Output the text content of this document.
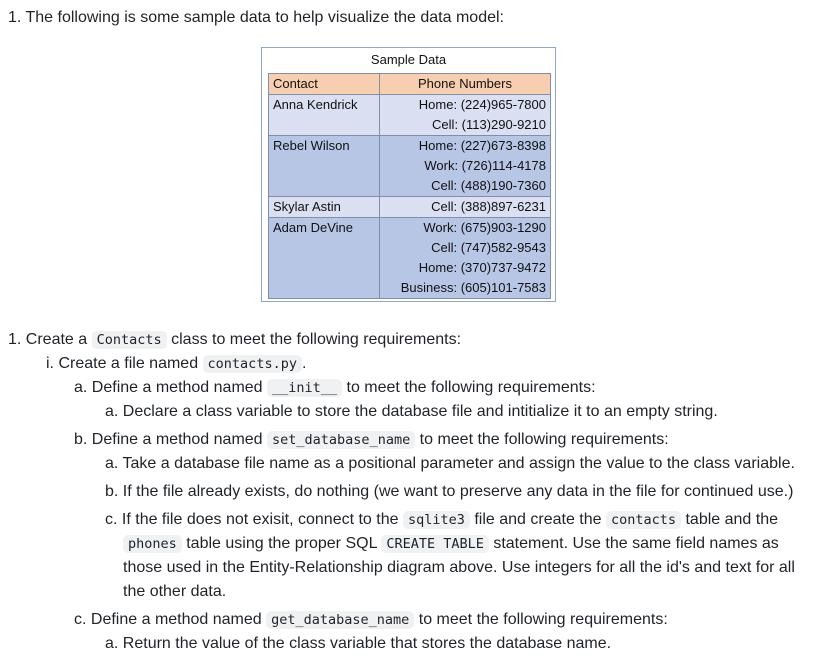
1. The following is some sample data to help visualize the data model:
Sample Data
Contact	Phone Numbers
Anna Kendrick	Home: (224)965-7800
	Cell: (113)290-9210
Rebel Wilson	Home: (227)673-8398
	Work: (726)114-4178
	Cell: (488)190-7360
Skylar Astin	Cell: (388)897-6231
Adam DeVine	Work: (675)903-1290
	Cell: (747)582-9543
	Home: (370)737-9472
	Business: (605)101-7583
1. Create a Contacts class to meet the following requirements:
i. Create a file named contacts.py .
a. Define a method named __init__ to meet the following requirements:
a. Declare a class variable to store the database file and intitialize it to an empty string.
b. Define a method named set_database_name to meet the following requirements:
a. Take a database file name as a positional parameter and assign the value to the class variable.
b. If the file already exists, do nothing (we want to preserve any data in the file for continued use.)
c. If the file does not exisit, connect to the sqlite3 file and create the contacts table and the
phones table using the proper SQL CREATE TABLE statement. Use the same field names as
those used in the Entity-Relationship diagram above. Use integers for all the id's and text for all
the other data.
c. Define a method named get_database_name to meet the following requirements:
a. Return the value of the class variable that stores the database name.
